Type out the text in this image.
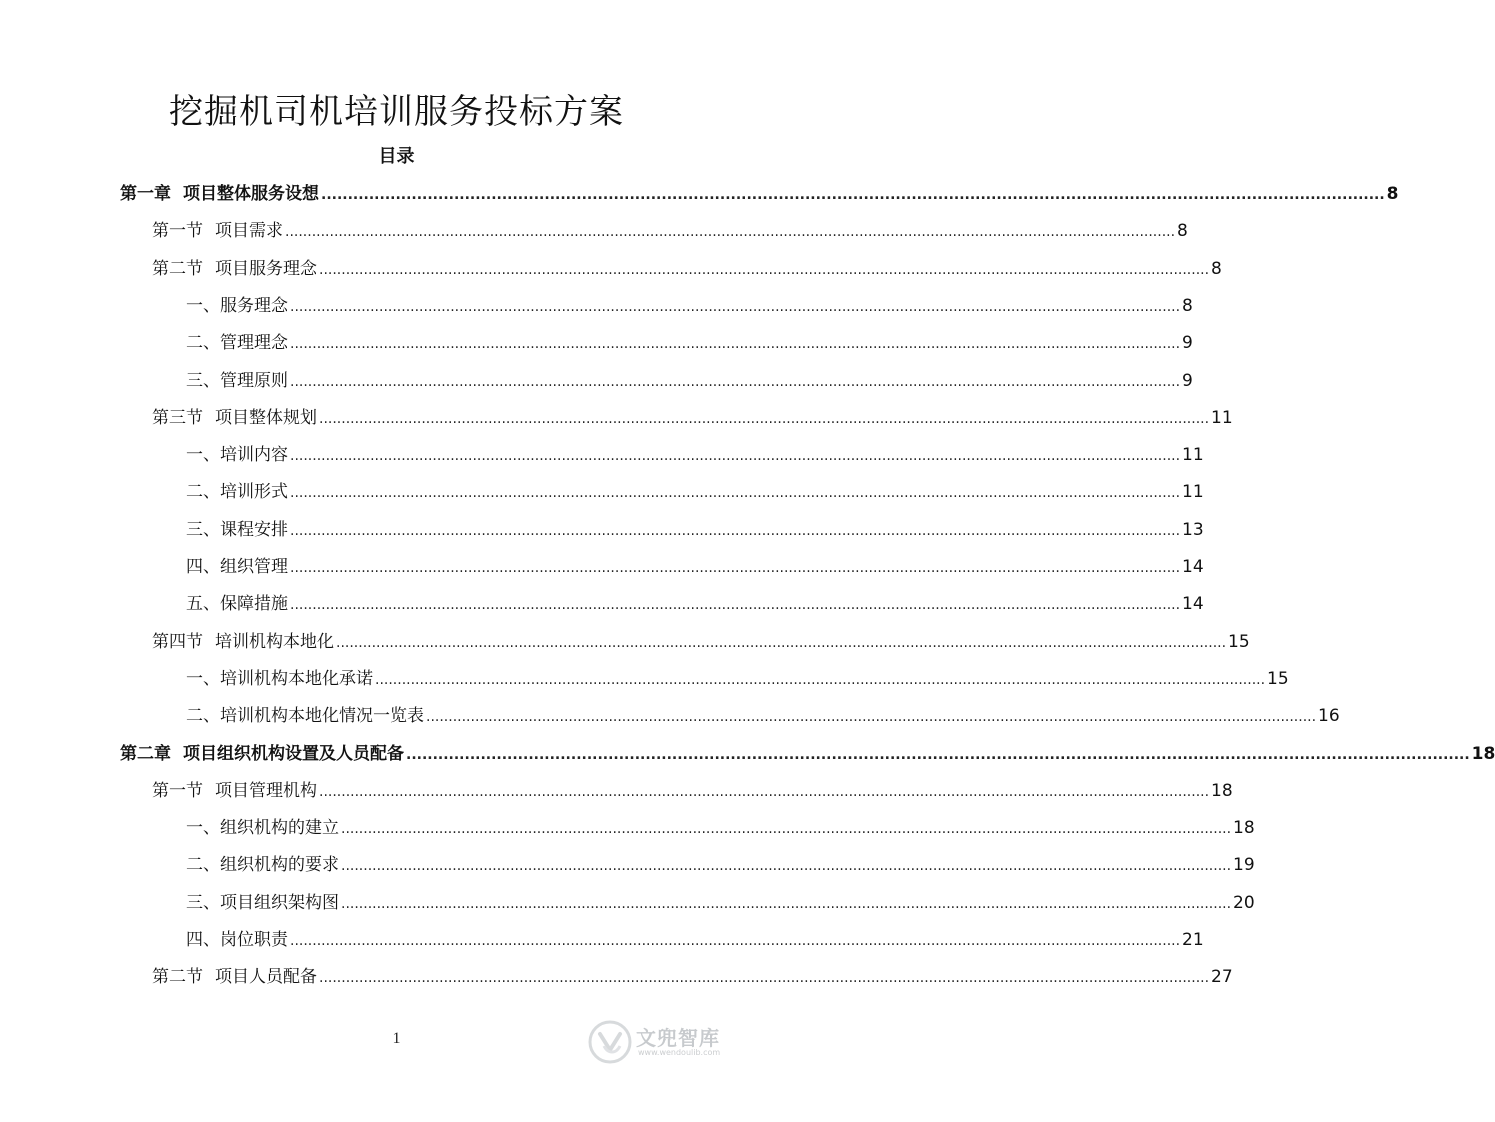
挖掘机司机培训服务投标方案
目录
第一章 项目整体服务设想 ........................................................................................................................................................................................................ 8
第一节 项目需求 ........................................................................................................................................................................................................ 8
第二节 项目服务理念 ........................................................................................................................................................................................................ 8
一、服务理念 ........................................................................................................................................................................................................ 8
二、管理理念 ........................................................................................................................................................................................................ 9
三、管理原则 ........................................................................................................................................................................................................ 9
第三节 项目整体规划 ........................................................................................................................................................................................................ 11
一、培训内容 ........................................................................................................................................................................................................ 11
二、培训形式 ........................................................................................................................................................................................................ 11
三、课程安排 ........................................................................................................................................................................................................ 13
四、组织管理 ........................................................................................................................................................................................................ 14
五、保障措施 ........................................................................................................................................................................................................ 14
第四节 培训机构本地化 ........................................................................................................................................................................................................ 15
一、培训机构本地化承诺 ........................................................................................................................................................................................................ 15
二、培训机构本地化情况一览表 ........................................................................................................................................................................................................ 16
第二章 项目组织机构设置及人员配备 ........................................................................................................................................................................................................ 18
第一节 项目管理机构 ........................................................................................................................................................................................................ 18
一、组织机构的建立 ........................................................................................................................................................................................................ 18
二、组织机构的要求 ........................................................................................................................................................................................................ 19
三、项目组织架构图 ........................................................................................................................................................................................................ 20
四、岗位职责 ........................................................................................................................................................................................................ 21
第二节 项目人员配备 ........................................................................................................................................................................................................ 27
1	文兜智库
www.wendoulib.com
